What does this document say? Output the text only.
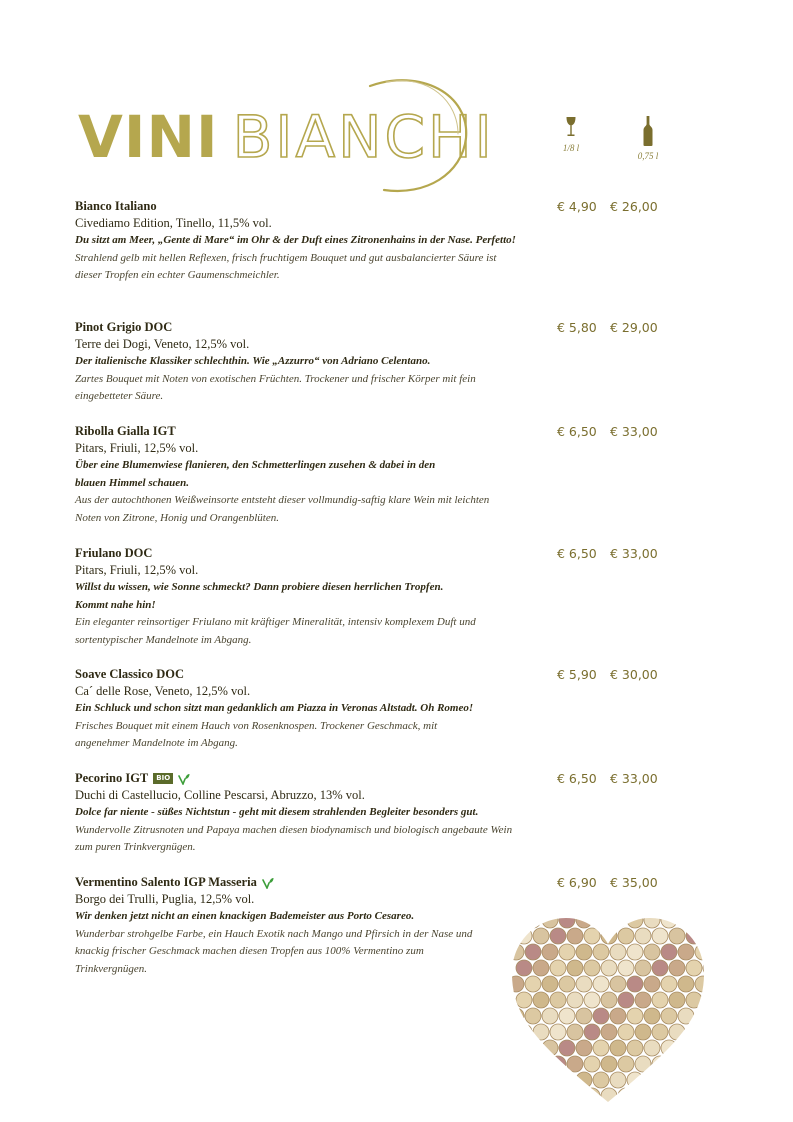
VINI BIANCHI	1/8 l
0,75 l
Bianco Italiano
Civediamo Edition, Tinello, 11,5% vol.
Du sitzt am Meer, „Gente di Mare“ im Ohr & der Duft eines Zitronenhains in der Nase. Perfetto!
Strahlend gelb mit hellen Reflexen, frisch fruchtigem Bouquet und gut ausbalancierter Säure ist dieser Tropfen ein echter Gaumenschmeichler.
€ 4,90 € 26,00
Pinot Grigio DOC
Terre dei Dogi, Veneto, 12,5% vol.
Der italienische Klassiker schlechthin. Wie „Azzurro“ von Adriano Celentano.
Zartes Bouquet mit Noten von exotischen Früchten. Trockener und frischer Körper mit fein eingebetteter Säure.
€ 5,80 € 29,00
Ribolla Gialla IGT
Pitars, Friuli, 12,5% vol.
Über eine Blumenwiese flanieren, den Schmetterlingen zusehen & dabei in den blauen Himmel schauen.
Aus der autochthonen Weißweinsorte entsteht dieser vollmundig-saftig klare Wein mit leichten Noten von Zitrone, Honig und Orangenblüten.
€ 6,50 € 33,00
Friulano DOC
Pitars, Friuli, 12,5% vol.
Willst du wissen, wie Sonne schmeckt? Dann probiere diesen herrlichen Tropfen. Kommt nahe hin!
Ein eleganter reinsortiger Friulano mit kräftiger Mineralität, intensiv komplexem Duft und sortentypischer Mandelnote im Abgang.
€ 6,50 € 33,00
Soave Classico DOC
Ca´ delle Rose, Veneto, 12,5% vol.
Ein Schluck und schon sitzt man gedanklich am Piazza in Veronas Altstadt. Oh Romeo!
Frisches Bouquet mit einem Hauch von Rosenknospen. Trockener Geschmack, mit angenehmer Mandelnote im Abgang.
€ 5,90 € 30,00
Pecorino IGT	BIO
Duchi di Castellucio, Colline Pescarsi, Abruzzo, 13% vol.
Dolce far niente - süßes Nichtstun - geht mit diesem strahlenden Begleiter besonders gut.
Wundervolle Zitrusnoten und Papaya machen diesen biodynamisch und biologisch angebaute Wein zum puren Trinkvergnügen.
€ 6,50 € 33,00
Vermentino Salento IGP Masseria
Borgo dei Trulli, Puglia, 12,5% vol.
Wir denken jetzt nicht an einen knackigen Bademeister aus Porto Cesareo.
Wunderbar strohgelbe Farbe, ein Hauch Exotik nach Mango und Pfirsich in der Nase und knackig frischer Geschmack machen diesen Tropfen aus 100% Vermentino zum Trinkvergnügen.
€ 6,90 € 35,00
